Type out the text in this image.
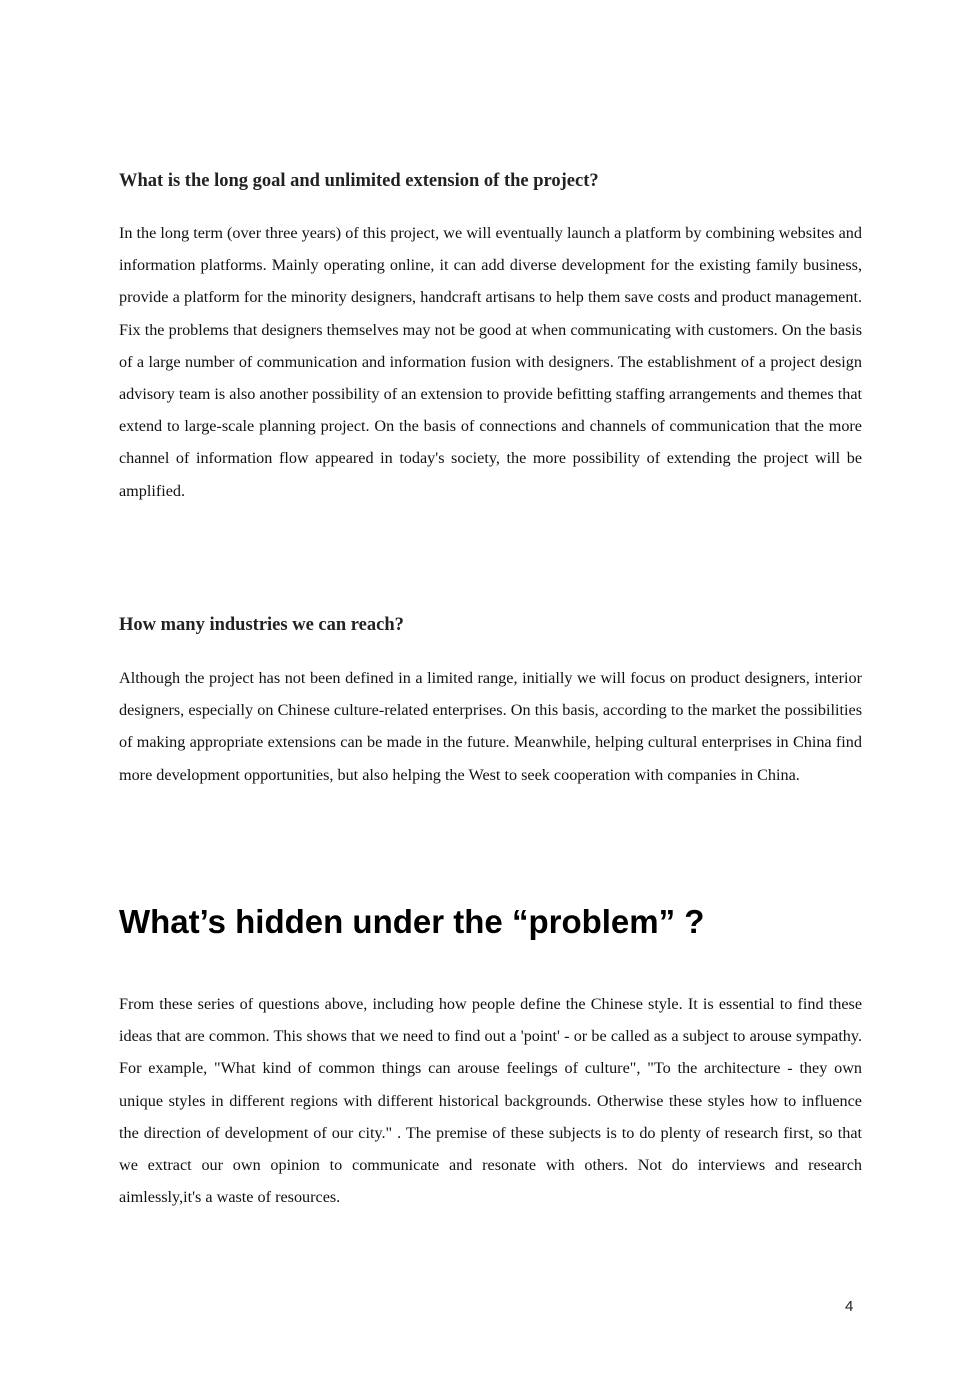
What is the long goal and unlimited extension of the project?

In the long term (over three years) of this project, we will eventually launch a platform by combining websites and information platforms. Mainly operating online, it can add diverse development for the existing family business, provide a platform for the minority designers, handcraft artisans to help them save costs and product management. Fix the problems that designers themselves may not be good at when communicating with customers. On the basis of a large number of communication and information fusion with designers. The establishment of a project design advisory team is also another possibility of an extension to provide befitting staffing arrangements and themes that extend to large-scale planning project. On the basis of connections and channels of communication that the more channel of information flow appeared in today's society, the more possibility of extending the project will be amplified.

How many industries we can reach?

Although the project has not been defined in a limited range, initially we will focus on product designers, interior designers, especially on Chinese culture-related enterprises. On this basis, according to the market the possibilities of making appropriate extensions can be made in the future. Meanwhile, helping cultural enterprises in China find more development opportunities, but also helping the West to seek cooperation with companies in China.

What’s hidden under the “problem” ?

From these series of questions above, including how people define the Chinese style. It is essential to find these ideas that are common. This shows that we need to find out a 'point' - or be called as a subject to arouse sympathy. For example, "What kind of common things can arouse feelings of culture", "To the architecture - they own unique styles in different regions with different historical backgrounds. Otherwise these styles how to influence the direction of development of our city." . The premise of these subjects is to do plenty of research first, so that we extract our own opinion to communicate and resonate with others. Not do interviews and research aimlessly,it's a waste of resources.

4
